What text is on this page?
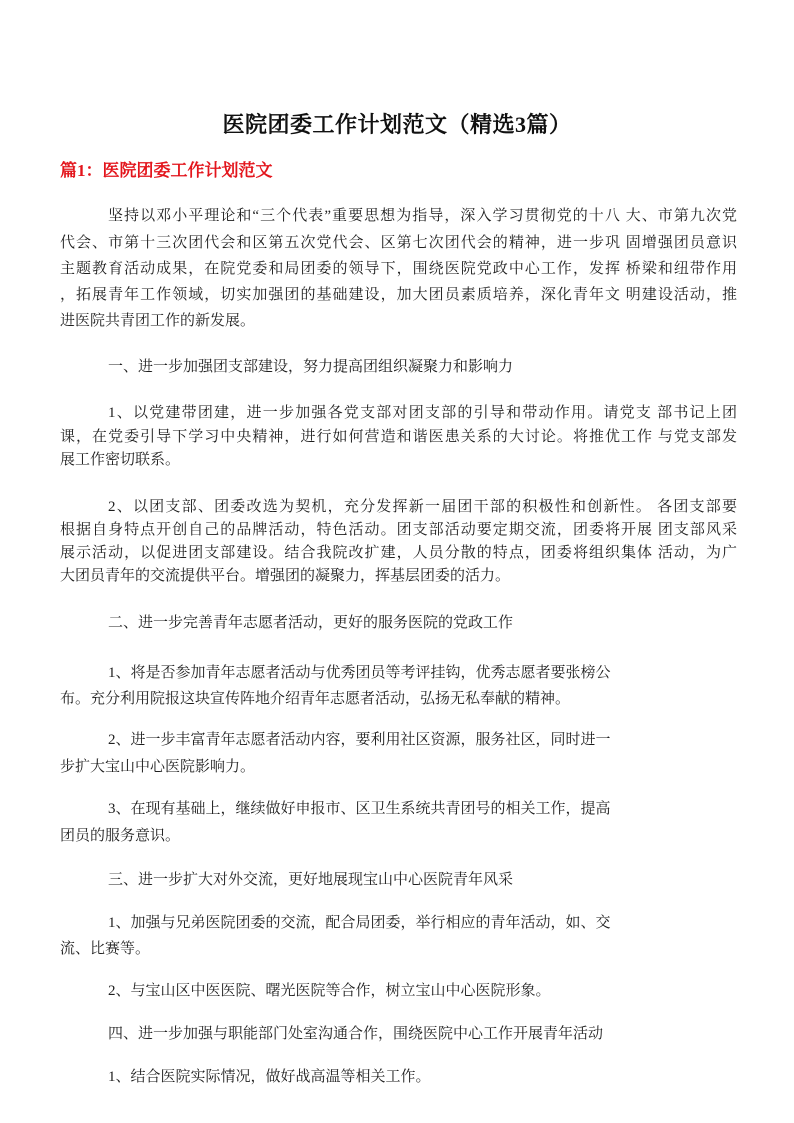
医院团委工作计划范文（精选3篇）
篇1：医院团委工作计划范文
坚持以邓小平理论和“三个代表”重要思想为指导，深入学习贯彻党的十八 大、市第九次党
代会、市第十三次团代会和区第五次党代会、区第七次团代会的精神，进一步巩 固增强团员意识
主题教育活动成果，在院党委和局团委的领导下，围绕医院党政中心工作，发挥 桥梁和纽带作用
，拓展青年工作领域，切实加强团的基础建设，加大团员素质培养，深化青年文 明建设活动，推
进医院共青团工作的新发展。
一、进一步加强团支部建设，努力提高团组织凝聚力和影响力
1、以党建带团建，进一步加强各党支部对团支部的引导和带动作用。请党支 部书记上团
课，在党委引导下学习中央精神，进行如何营造和谐医患关系的大讨论。将推优工作 与党支部发
展工作密切联系。
2、以团支部、团委改选为契机，充分发挥新一届团干部的积极性和创新性。 各团支部要
根据自身特点开创自己的品牌活动，特色活动。团支部活动要定期交流，团委将开展 团支部风采
展示活动，以促进团支部建设。结合我院改扩建，人员分散的特点，团委将组织集体 活动，为广
大团员青年的交流提供平台。增强团的凝聚力，挥基层团委的活力。
二、进一步完善青年志愿者活动，更好的服务医院的党政工作
1、将是否参加青年志愿者活动与优秀团员等考评挂钩，优秀志愿者要张榜公
布。充分利用院报这块宣传阵地介绍青年志愿者活动，弘扬无私奉献的精神。
2、进一步丰富青年志愿者活动内容，要利用社区资源，服务社区，同时进一
步扩大宝山中心医院影响力。
3、在现有基础上，继续做好申报市、区卫生系统共青团号的相关工作，提高
团员的服务意识。
三、进一步扩大对外交流，更好地展现宝山中心医院青年风采
1、加强与兄弟医院团委的交流，配合局团委，举行相应的青年活动，如、交
流、比赛等。
2、与宝山区中医医院、曙光医院等合作，树立宝山中心医院形象。
四、进一步加强与职能部门处室沟通合作，围绕医院中心工作开展青年活动
1、结合医院实际情况，做好战高温等相关工作。
